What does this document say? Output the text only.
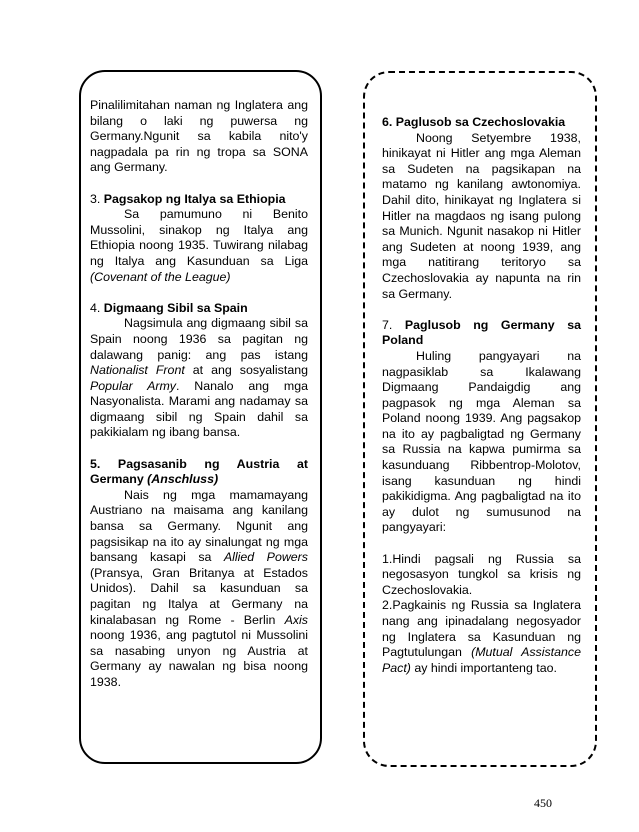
Pinalilimitahan naman ng Inglatera ang bilang o laki ng puwersa ng Germany.Ngunit sa kabila nito'y nagpadala pa rin ng tropa sa SONA ang Germany.

3. Pagsakop ng Italya sa Ethiopia

Sa pamumuno ni Benito Mussolini, sinakop ng Italya ang Ethiopia noong 1935. Tuwirang nilabag ng Italya ang Kasunduan sa Liga (Covenant of the League)

4. Digmaang Sibil sa Spain

Nagsimula ang digmaang sibil sa Spain noong 1936 sa pagitan ng dalawang panig: ang pas istang Nationalist Front at ang sosyalistang Popular Army. Nanalo ang mga Nasyonalista. Marami ang nadamay sa digmaang sibil ng Spain dahil sa pakikialam ng ibang bansa.

5. Pagsasanib ng Austria at Germany (Anschluss)

Nais ng mga mamamayang Austriano na maisama ang kanilang bansa sa Germany. Ngunit ang pagsisikap na ito ay sinalungat ng mga bansang kasapi sa Allied Powers (Pransya, Gran Britanya at Estados Unidos). Dahil sa kasunduan sa pagitan ng Italya at Germany na kinalabasan ng Rome - Berlin Axis noong 1936, ang pagtutol ni Mussolini sa nasabing unyon ng Austria at Germany ay nawalan ng bisa noong 1938.

6. Paglusob sa Czechoslovakia

Noong Setyembre 1938, hinikayat ni Hitler ang mga Aleman sa Sudeten na pagsikapan na matamo ng kanilang awtonomiya. Dahil dito, hinikayat ng Inglatera si Hitler na magdaos ng isang pulong sa Munich. Ngunit nasakop ni Hitler ang Sudeten at noong 1939, ang mga natitirang teritoryo sa Czechoslovakia ay napunta na rin sa Germany.

7. Paglusob ng Germany sa Poland

Huling pangyayari na nagpasiklab sa Ikalawang Digmaang Pandaigdig ang pagpasok ng mga Aleman sa Poland noong 1939. Ang pagsakop na ito ay pagbaligtad ng Germany sa Russia na kapwa pumirma sa kasunduang Ribbentrop-Molotov, isang kasunduan ng hindi pakikidigma. Ang pagbaligtad na ito ay dulot ng sumusunod na pangyayari:

1.Hindi pagsali ng Russia sa negosasyon tungkol sa krisis ng Czechoslovakia.

2.Pagkainis ng Russia sa Inglatera nang ang ipinadalang negosyador ng Inglatera sa Kasunduan ng Pagtutulungan (Mutual Assistance Pact) ay hindi importanteng tao.

450
